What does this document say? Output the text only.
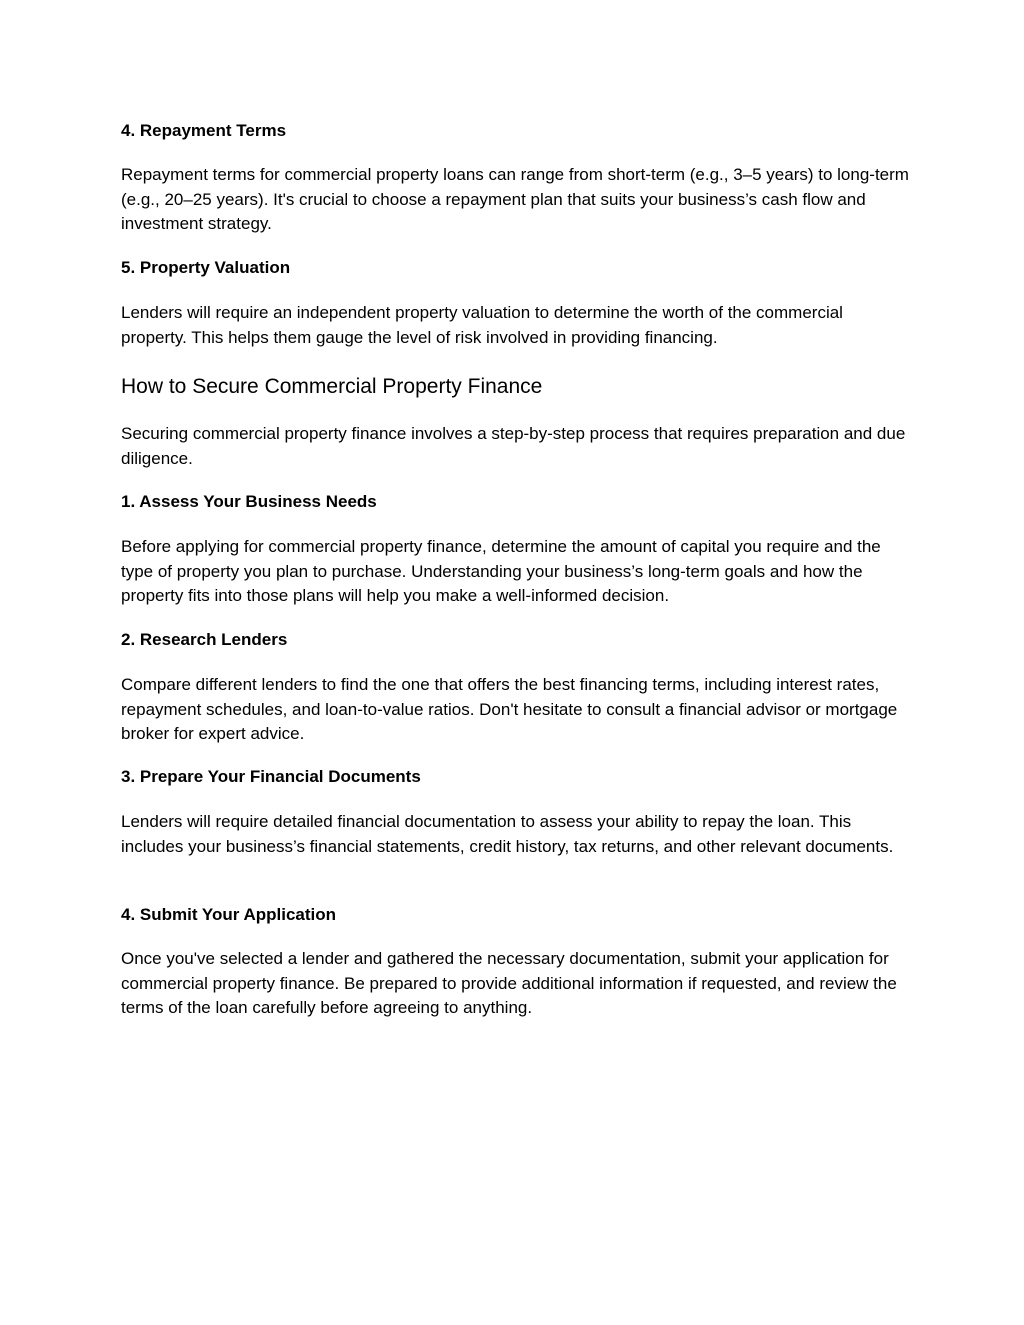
4. Repayment Terms

Repayment terms for commercial property loans can range from short-term (e.g., 3–5 years) to long-term (e.g., 20–25 years). It's crucial to choose a repayment plan that suits your business’s cash flow and investment strategy.

5. Property Valuation

Lenders will require an independent property valuation to determine the worth of the commercial property. This helps them gauge the level of risk involved in providing financing.

How to Secure Commercial Property Finance

Securing commercial property finance involves a step-by-step process that requires preparation and due diligence.

1. Assess Your Business Needs

Before applying for commercial property finance, determine the amount of capital you require and the type of property you plan to purchase. Understanding your business’s long-term goals and how the property fits into those plans will help you make a well-informed decision.

2. Research Lenders

Compare different lenders to find the one that offers the best financing terms, including interest rates, repayment schedules, and loan-to-value ratios. Don't hesitate to consult a financial advisor or mortgage broker for expert advice.

3. Prepare Your Financial Documents

Lenders will require detailed financial documentation to assess your ability to repay the loan. This includes your business’s financial statements, credit history, tax returns, and other relevant documents.

4. Submit Your Application

Once you've selected a lender and gathered the necessary documentation, submit your application for commercial property finance. Be prepared to provide additional information if requested, and review the terms of the loan carefully before agreeing to anything.
